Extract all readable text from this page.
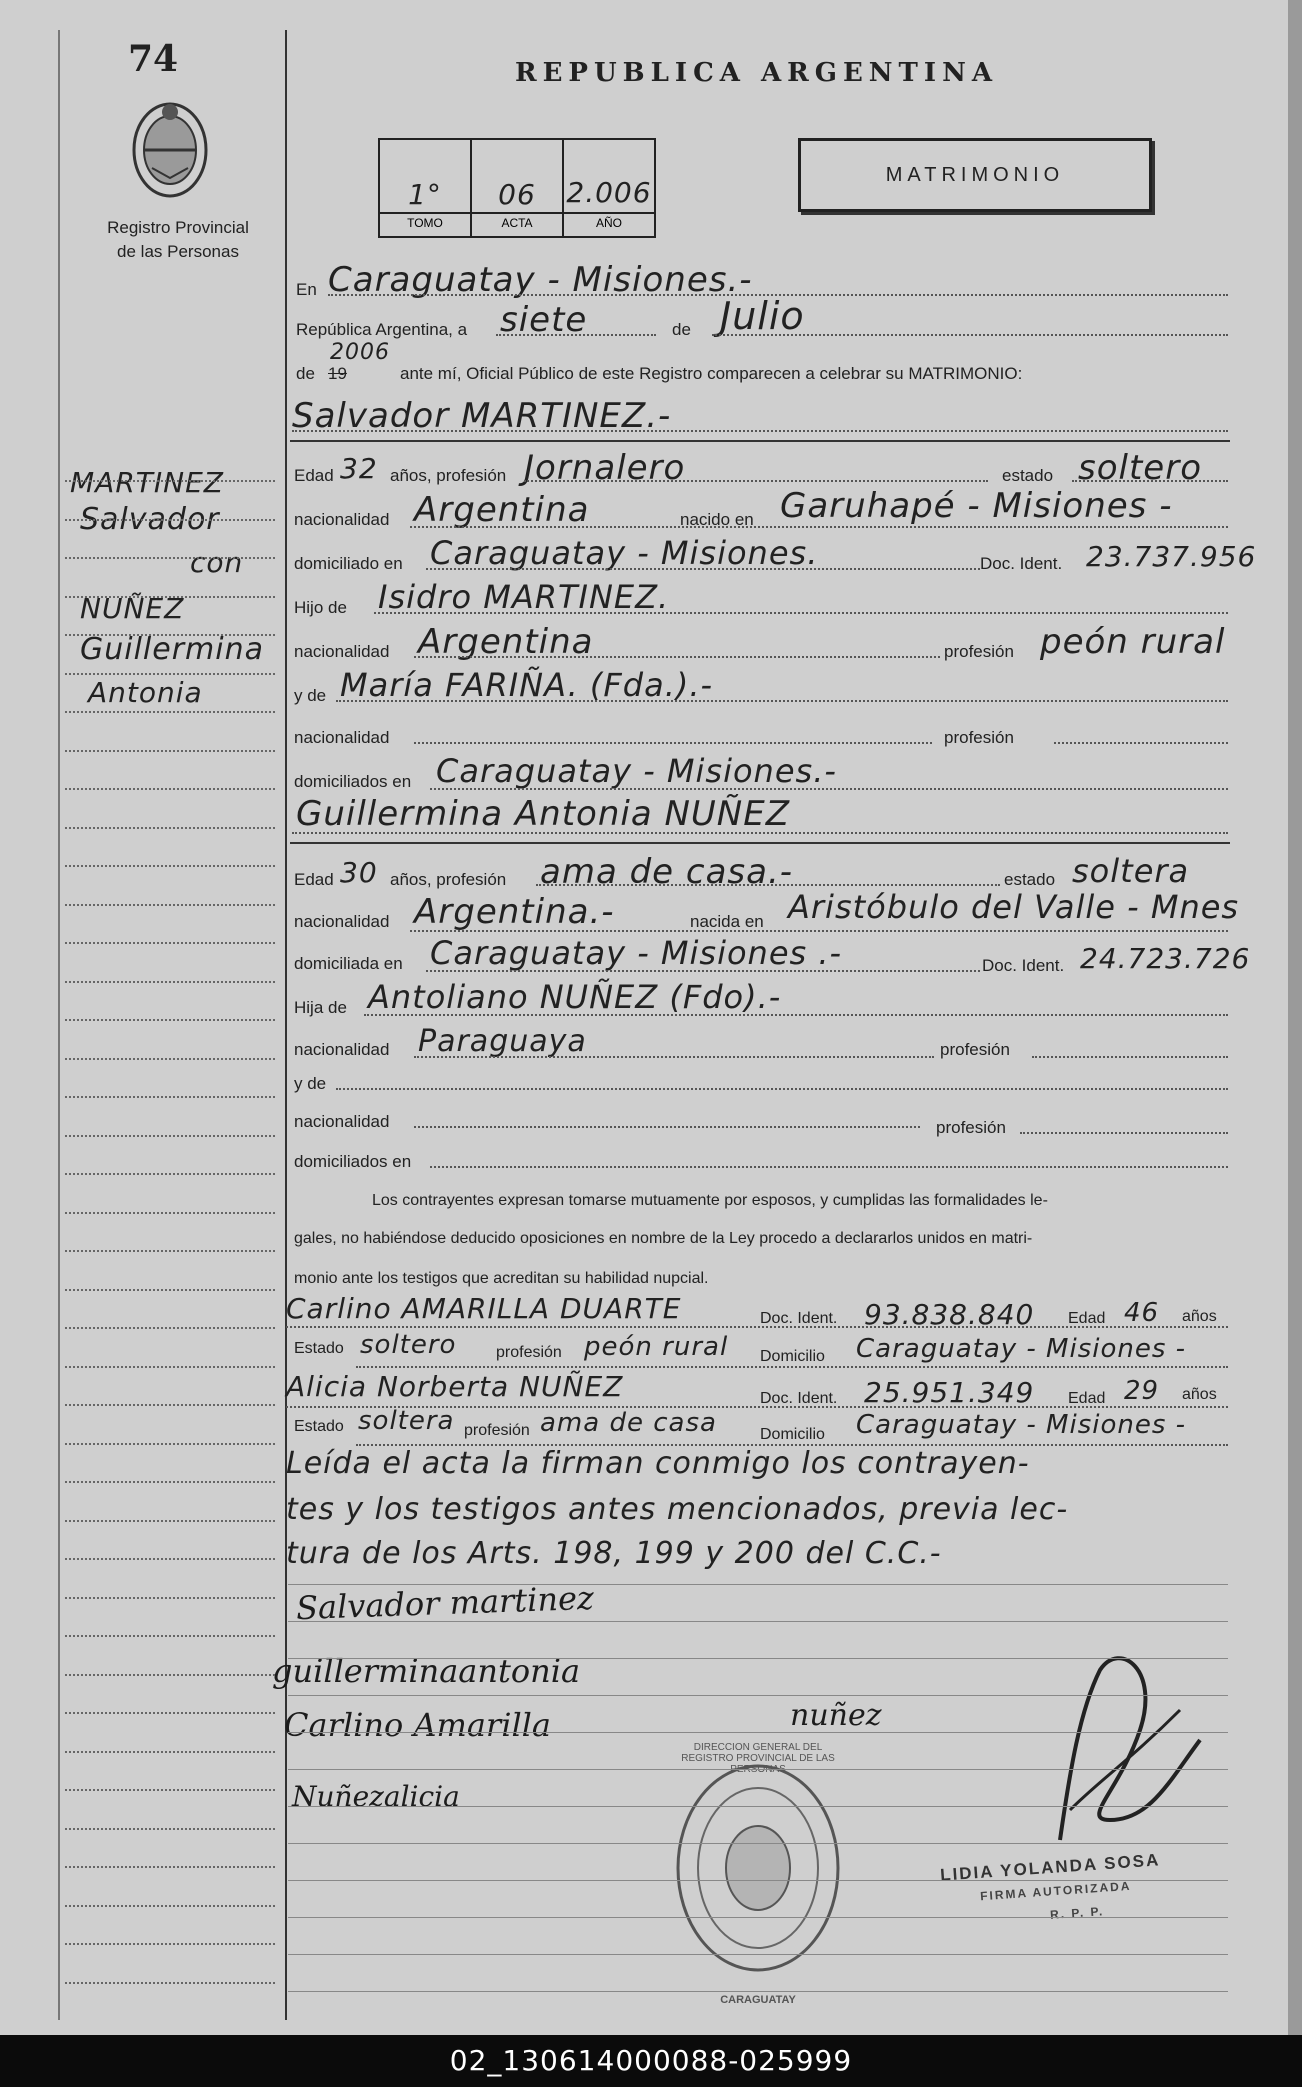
74
Registro Provincial
de las Personas
REPUBLICA ARGENTINA
MATRIMONIO
1°
TOMO
06
ACTA
2.006
AÑO
En Caraguatay - Misiones.-
República Argentina, a siete	de Julio
de
2006
19	ante mí, Oficial Público de este Registro comparecen a celebrar su MATRIMONIO:
Salvador MARTINEZ.-
Edad 32 años, profesión Jornalero	estado soltero
nacionalidad Argentina	nacido en Garuhapé - Misiones -
domiciliado en Caraguatay - Misiones.	Doc. Ident. 23.737.956
Hijo de Isidro MARTINEZ.
nacionalidad Argentina	profesión peón rural
y de María FARIÑA. (Fda.).-
nacionalidad	profesión
domiciliados en Caraguatay - Misiones.-
Guillermina Antonia NUÑEZ
Edad 30 años, profesión ama de casa.-	estado soltera
nacionalidad Argentina.-	nacida en Aristóbulo del Valle - Mnes
domiciliada en Caraguatay - Misiones .-	Doc. Ident. 24.723.726
Hija de Antoliano NUÑEZ (Fdo).-
nacionalidad Paraguaya	profesión
y de
nacionalidad	profesión
domiciliados en
Los contrayentes expresan tomarse mutuamente por esposos, y cumplidas las formalidades le-
gales, no habiéndose deducido oposiciones en nombre de la Ley procedo a declararlos unidos en matri-
monio ante los testigos que acreditan su habilidad nupcial.
Carlino AMARILLA DUARTE	Doc. Ident. 93.838.840 Edad 46 años
Estado soltero profesión peón rural Domicilio Caraguatay - Misiones -
Alicia Norberta NUÑEZ	Doc. Ident. 25.951.349 Edad 29 años
Estado soltera profesión ama de casa	Domicilio Caraguatay - Misiones -
Leída el acta la firman conmigo los contrayen-
tes y los testigos antes mencionados, previa lec-
tura de los Arts. 198, 199 y 200 del C.C.-
MARTINEZ
Salvador
con
NUÑEZ
Guillermina
Antonia
Salvador martinez
guillerminaantonia
nuñez
Carlino Amarilla
Nuñezalicia
CARAGUATAY
DIRECCION GENERAL DEL REGISTRO PROVINCIAL DE LAS PERSONAS
LIDIA YOLANDA SOSA
FIRMA AUTORIZADA
R. P. P.
02_130614000088-025999
